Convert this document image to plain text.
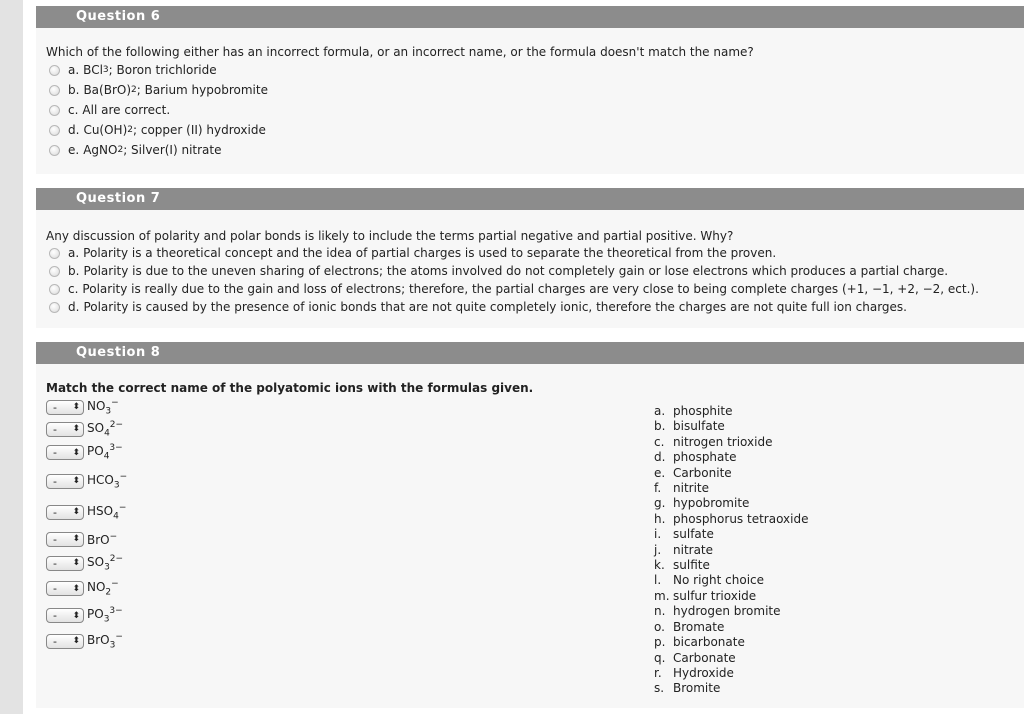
Question 6
Which of the following either has an incorrect formula, or an incorrect name, or the formula doesn't match the name?
a. BCl 3 ; Boron trichloride
b. Ba(BrO) 2 ; Barium hypobromite
c. All are correct.
d. Cu(OH) 2 ; copper (II) hydroxide
e. AgNO 2 ; Silver(I) nitrate
Question 7
Any discussion of polarity and polar bonds is likely to include the terms partial negative and partial positive. Why?
a. Polarity is a theoretical concept and the idea of partial charges is used to separate the theoretical from the proven.
b. Polarity is due to the uneven sharing of electrons; the atoms involved do not completely gain or lose electrons which produces a partial charge.
c. Polarity is really due to the gain and loss of electrons; therefore, the partial charges are very close to being complete charges (+1, −1, +2, −2, ect.).
d. Polarity is caused by the presence of ionic bonds that are not quite completely ionic, therefore the charges are not quite full ion charges.
Question 8
Match the correct name of the polyatomic ions with the formulas given.
- ⬍ $NO_3^-$
- ⬍ $SO_4^{2-}$
- ⬍ $PO_4^{3-}$
- ⬍ $HCO_3^-$
- ⬍ $HSO_4^-$
- ⬍ BrO−
- ⬍ $SO_3^{2-}$
- ⬍ $NO_2^-$
- ⬍ $PO_3^{3-}$
- ⬍ BrO$_3$−
a. phosphite
b. bisulfate
c. nitrogen trioxide
d. phosphate
e. Carbonite
f. nitrite
g. hypobromite
h. phosphorus tetraoxide
i. sulfate
j. nitrate
k. sulfite
l. No right choice
m. sulfur trioxide
n. hydrogen bromite
o. Bromate
p. bicarbonate
q. Carbonate
r. Hydroxide
s. Bromite
